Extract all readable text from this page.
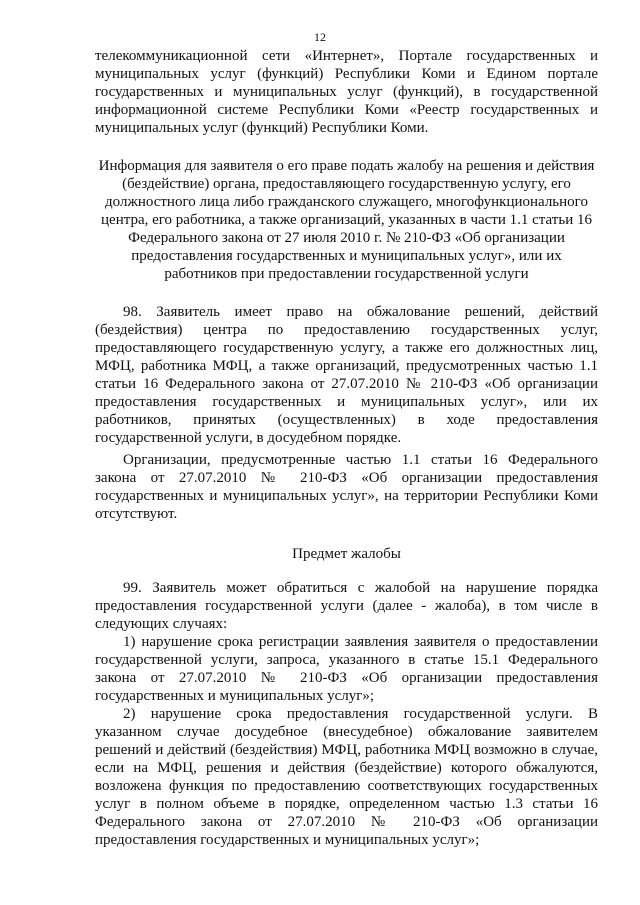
12

телекоммуникационной сети «Интернет», Портале государственных и муниципальных услуг (функций) Республики Коми и Едином портале государственных и муниципальных услуг (функций), в государственной информационной системе Республики Коми «Реестр государственных и муниципальных услуг (функций) Республики Коми.

Информация для заявителя о его праве подать жалобу на решения и действия (бездействие) органа, предоставляющего государственную услугу, его должностного лица либо гражданского служащего, многофункционального центра, его работника, а также организаций, указанных в части 1.1 статьи 16 Федерального закона от 27 июля 2010 г. № 210-ФЗ «Об организации предоставления государственных и муниципальных услуг», или их работников при предоставлении государственной услуги

98. Заявитель имеет право на обжалование решений, действий (бездействия) центра по предоставлению государственных услуг, предоставляющего государственную услугу, а также его должностных лиц, МФЦ, работника МФЦ, а также организаций, предусмотренных частью 1.1 статьи 16 Федерального закона от 27.07.2010 № 210-ФЗ «Об организации предоставления государственных и муниципальных услуг», или их работников, принятых (осуществленных) в ходе предоставления государственной услуги, в досудебном порядке.

Организации, предусмотренные частью 1.1 статьи 16 Федерального закона от 27.07.2010 № 210-ФЗ «Об организации предоставления государственных и муниципальных услуг», на территории Республики Коми отсутствуют.

Предмет жалобы

99. Заявитель может обратиться с жалобой на нарушение порядка предоставления государственной услуги (далее - жалоба), в том числе в следующих случаях:

1) нарушение срока регистрации заявления заявителя о предоставлении государственной услуги, запроса, указанного в статье 15.1 Федерального закона от 27.07.2010 № 210-ФЗ «Об организации предоставления государственных и муниципальных услуг»;

2) нарушение срока предоставления государственной услуги. В указанном случае досудебное (внесудебное) обжалование заявителем решений и действий (бездействия) МФЦ, работника МФЦ возможно в случае, если на МФЦ, решения и действия (бездействие) которого обжалуются, возложена функция по предоставлению соответствующих государственных услуг в полном объеме в порядке, определенном частью 1.3 статьи 16 Федерального закона от 27.07.2010 № 210-ФЗ «Об организации предоставления государственных и муниципальных услуг»;
